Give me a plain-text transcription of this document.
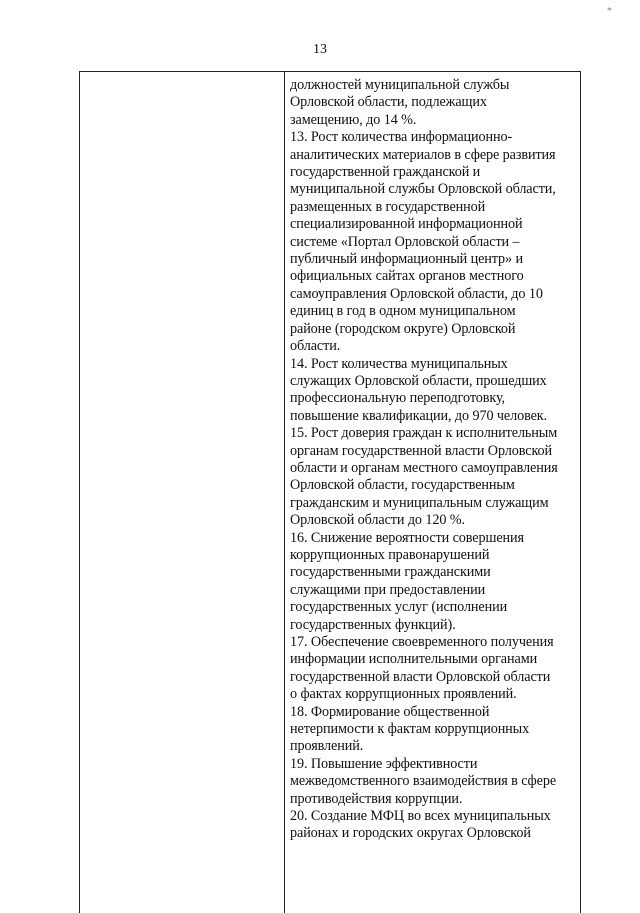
*
13
должностей муниципальной службы
Орловской области, подлежащих
замещению, до 14 %.
13. Рост количества информационно-
аналитических материалов в сфере развития
государственной гражданской и
муниципальной службы Орловской области,
размещенных в государственной
специализированной информационной
системе «Портал Орловской области –
публичный информационный центр» и
официальных сайтах органов местного
самоуправления Орловской области, до 10
единиц в год в одном муниципальном
районе (городском округе) Орловской
области.
14. Рост количества муниципальных
служащих Орловской области, прошедших
профессиональную переподготовку,
повышение квалификации, до 970 человек.
15. Рост доверия граждан к исполнительным
органам государственной власти Орловской
области и органам местного самоуправления
Орловской области, государственным
гражданским и муниципальным служащим
Орловской области до 120 %.
16. Снижение вероятности совершения
коррупционных правонарушений
государственными гражданскими
служащими при предоставлении
государственных услуг (исполнении
государственных функций).
17. Обеспечение своевременного получения
информации исполнительными органами
государственной власти Орловской области
о фактах коррупционных проявлений.
18. Формирование общественной
нетерпимости к фактам коррупционных
проявлений.
19. Повышение эффективности
межведомственного взаимодействия в сфере
противодействия коррупции.
20. Создание МФЦ во всех муниципальных
районах и городских округах Орловской
